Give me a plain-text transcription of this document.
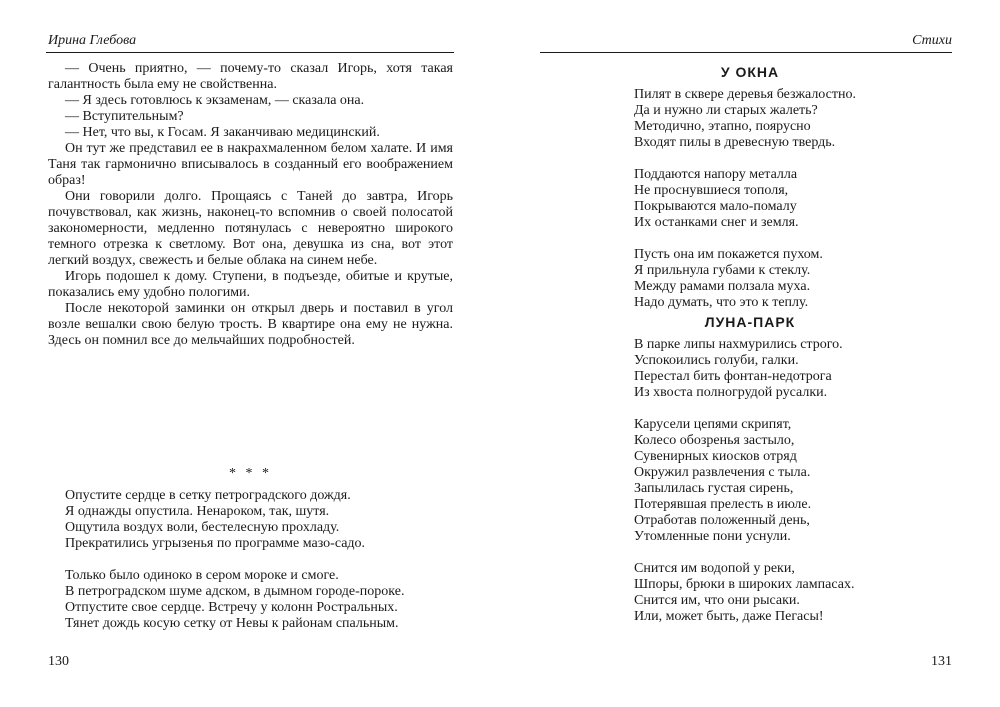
Ирина Глебова

— Очень приятно, — почему-то сказал Игорь, хотя такая галантность была ему не свойственна.

— Я здесь готовлюсь к экзаменам, — сказала она.

— Вступительным?

— Нет, что вы, к Госам. Я заканчиваю медицинский.

Он тут же представил ее в накрахмаленном белом халате. И имя Таня так гармонично вписывалось в созданный его воображением образ!

Они говорили долго. Прощаясь с Таней до завтра, Игорь почувствовал, как жизнь, наконец-то вспомнив о своей полосатой закономерности, медленно потянулась с невероятно широкого темного отрезка к светлому. Вот она, девушка из сна, вот этот легкий воздух, свежесть и белые облака на синем небе.

Игорь подошел к дому. Ступени, в подъезде, обитые и крутые, показались ему удобно пологими.

После некоторой заминки он открыл дверь и поставил в угол возле вешалки свою белую трость. В квартире она ему не нужна. Здесь он помнил все до мельчайших подробностей.

* * *
Опустите сердце в сетку петроградского дождя.
Я однажды опустила. Ненароком, так, шутя.
Ощутила воздух воли, бестелесную прохладу.
Прекратились угрызенья по программе мазо-садо.
Только было одиноко в сером мороке и смоге.
В петроградском шуме адском, в дымном городе-пороке.
Отпустите свое сердце. Встречу у колонн Ростральных.
Тянет дождь косую сетку от Невы к районам спальным.
130
Стихи
У ОКНА
Пилят в сквере деревья безжалостно.
Да и нужно ли старых жалеть?
Методично, этапно, поярусно
Входят пилы в древесную твердь.
Поддаются напору металла
Не проснувшиеся тополя,
Покрываются мало-помалу
Их останками снег и земля.
Пусть она им покажется пухом.
Я прильнула губами к стеклу.
Между рамами ползала муха.
Надо думать, что это к теплу.
ЛУНА-ПАРК
В парке липы нахмурились строго.
Успокоились голуби, галки.
Перестал бить фонтан-недотрога
Из хвоста полногрудой русалки.
Карусели цепями скрипят,
Колесо обозренья застыло,
Сувенирных киосков отряд
Окружил развлечения с тыла.
Запылилась густая сирень,
Потерявшая прелесть в июле.
Отработав положенный день,
Утомленные пони уснули.
Снится им водопой у реки,
Шпоры, брюки в широких лампасах.
Снится им, что они рысаки.
Или, может быть, даже Пегасы!
131
